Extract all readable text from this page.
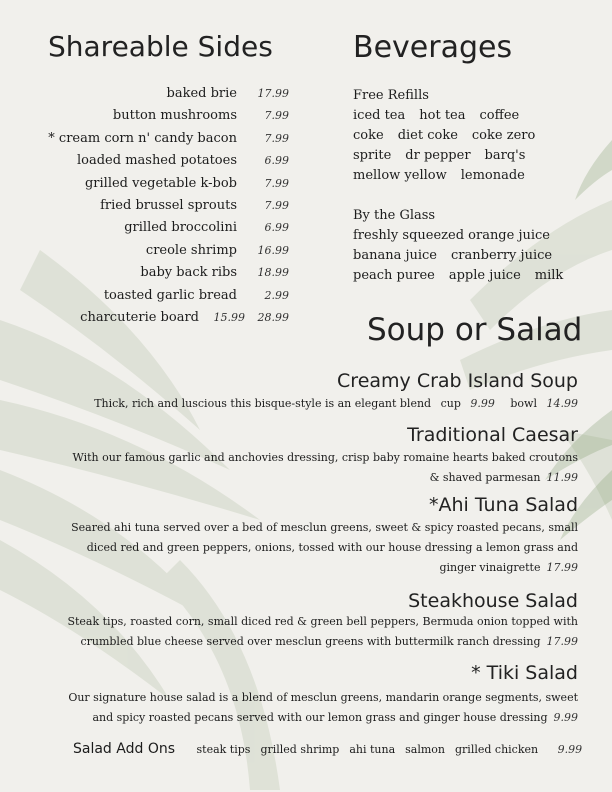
Shareable Sides
baked brie 17.99
button mushrooms	7.99
* cream corn n' candy bacon	7.99
loaded mashed potatoes	6.99
grilled vegetable k-bob	7.99
fried brussel sprouts	7.99
grilled broccolini	6.99
creole shrimp 16.99
baby back ribs 18.99
toasted garlic bread	2.99
charcuterie board 15.99 28.99
Beverages
Free Refills
iced tea hot tea coffee
coke diet coke coke zero
sprite dr pepper barq's
mellow yellow lemonade
By the Glass
freshly squeezed orange juice
banana juice cranberry juice
peach puree apple juice milk
Soup or Salad
Creamy Crab Island Soup
Thick, rich and luscious this bisque-style is an elegant blend cup 9.99 bowl 14.99
Traditional Caesar
With our famous garlic and anchovies dressing, crisp baby romaine hearts baked croutons & shaved parmesan 11.99
*Ahi Tuna Salad
Seared ahi tuna served over a bed of mesclun greens, sweet & spicy roasted pecans, small diced red and green peppers, onions, tossed with our house dressing a lemon grass and ginger vinaigrette 17.99
Steakhouse Salad
Steak tips, roasted corn, small diced red & green bell peppers, Bermuda onion topped with crumbled blue cheese served over mesclun greens with buttermilk ranch dressing 17.99
* Tiki Salad
Our signature house salad is a blend of mesclun greens, mandarin orange segments, sweet and spicy roasted pecans served with our lemon grass and ginger house dressing 9.99
Salad Add Ons steak tips grilled shrimp ahi tuna salmon grilled chicken 9.99
